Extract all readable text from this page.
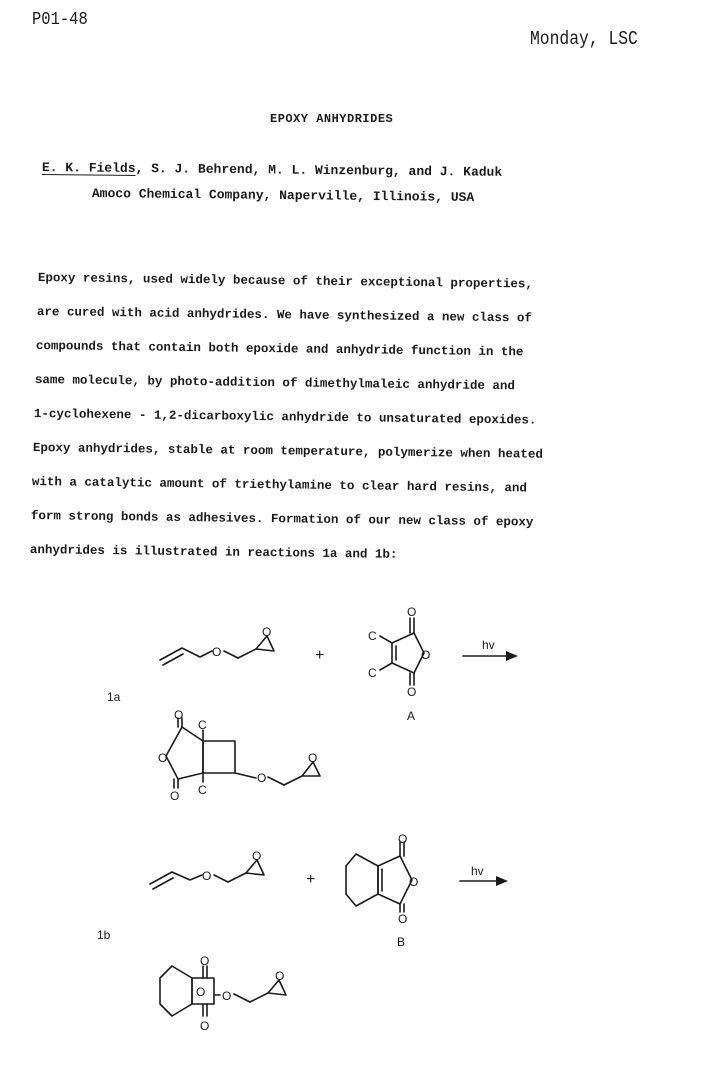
P01-48
Monday, LSC
EPOXY ANHYDRIDES
E. K. Fields, S. J. Behrend, M. L. Winzenburg, and J. Kaduk
Amoco Chemical Company, Naperville, Illinois, USA
Epoxy resins, used widely because of their exceptional properties,
are cured with acid anhydrides. We have synthesized a new class of
compounds that contain both epoxide and anhydride function in the
same molecule, by photo-addition of dimethylmaleic anhydride and
1-cyclohexene - 1,2-dicarboxylic anhydride to unsaturated epoxides.
Epoxy anhydrides, stable at room temperature, polymerize when heated
with a catalytic amount of triethylamine to clear hard resins, and
form strong bonds as adhesives. Formation of our new class of epoxy
anhydrides is illustrated in reactions 1a and 1b:
O
O
+
C
C
O
O
O
A
hv
1a
O
O
O
C
C
O
O
O
O
+
O
O
O
B
hv
1b
O
O
O
O
O
